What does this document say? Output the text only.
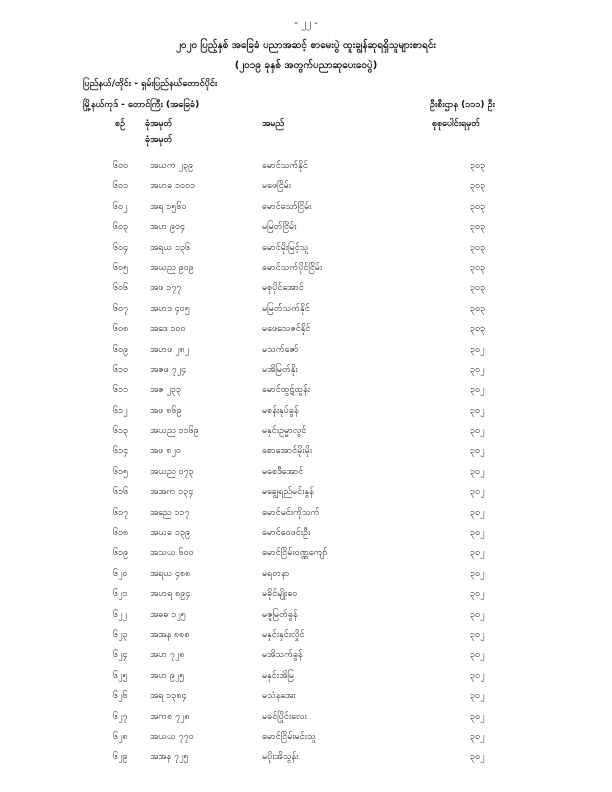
- ၂၂ -
၂၀၂၀ ပြည့်နှစ် အခြေခံ ပညာအဆင့် စာမေးပွဲ ထူးချွန်ဆုရရှိသူများစာရင်း
(၂၀၁၉ ခုနှစ် အတွက်ပညာဆုပေးဝေပွဲ)
ပြည်နယ်/တိုင်း - ရှမ်းပြည်နယ်တောင်ပိုင်း
မြို့နယ်ကုဒ် - တောင်ကြီး (အခြေခံ)	ဦးစီးဌာန (၁၁၁) ဦး
စဉ် ခုံအမှတ်
ခုံအမှတ်
အမည်	စုစုပေါင်းရမှတ်
၆၀၀ အယက ၂၃၉	မောင်သက်နိုင်	၃၀၃
၆၀၁ အဟခ ၁၀၀၁	မဖေငြိမ်း	၃၀၃
၆၀၂ အရ ၁၅၆၀	မောင်သော်ငြိမ်း	၃၀၃
၆၀၃ အဟ ၉၀၄	မမြတ်ငြိမ်း	၃၀၃
၆၀၄ အရယ ၁၃၆	မောင်မိုးမြင့်သူ	၃၀၃
၆၀၅ အယည ၉၀၉	မောင်သက်ပိုင်ငြိမ်း	၃၀၃
၆၀၆ အဖ ၁၇၇	မစုပိုင်အောင်	၃၀၃
၆၀၇ အဟဒ ၄၀၅	မမြတ်သက်နိုင်	၃၀၃
၆၀၈ အဒေ ၁၀၀	မဖေသေဇင်နိုင်	၃၀၃
၆၀၉ အဟဖ ၂၈၂	မသက်ဇော်	၃၀၂
၆၁၀ အဇဖ ၇၂၄	မအိမြတ်နိုး	၃၀၂
၆၁၁ အဇ ၂၃၃	မောင်ထွဋ်ထွန်း	၃၀၂
၆၁၂ အဖ ၈၆၉	မစန်းနုပ်ခွန်	၃၀၂
၆၁၃ အယည ၁၁၆၉	မနှင်းဥမ္မာလွင်	၃၀၂
၆၁၄ အဖ ၈၂၀	စောအောင်မိုးမိုး	၃၀၂
၆၁၅ အယည ၀၇၃	မစေဒီအောင်	၃၀၂
၆၁၆ အအက ၁၃၄	မချွေရည်မင်းနွန်	၃၀၂
၆၁၇ အညေ ၁၁၇	မောင်မင်းကိုသက်	၃၀၂
၆၁၈ အယခ ၁၃၉	မောင်ဝေဖင်းဦး	၃၀၂
၆၁၉ အသယ ၆၀၀	မောင်ငြိမ်းဝဏ္ဏကျော်	၃၀၂
၆၂၀ အရယ ၄၈၈	မရတနာ	၃၀၂
၆၂၁ အဟရ ၈၉၄	မခိုင်မျိုးဝေ	၃၀၂
၆၂၂	အဓဓ ၁၂၅	မဇူမြတ်ခွန်	၃၀၂
၆၂၃ အအန ၈၈၈	မနှင်းနှင်းလှိုင်	၃၀၂
၆၂၄ အဟ ၇၂၈	မအိသက်ခွန်	၃၀၂
၆၂၅ အဟ ၉၂၅	မနှင်းအိမြ	၃၀၂
၆၂၆ အရ ၁၃၈၄	မသံနအေး	၃၀၂
၆၂၇ အက၈ ၇၂၈	မခင်ပြိုင်းလေး	၃၀၂
၆၂၈ အယယ ၇၇၀	မောင်ငြိမ်းမင်းသူ	၃၀၂
၆၂၉ အအန ၇၂၅	မပိုးအိသွန်း	၃၀၂
